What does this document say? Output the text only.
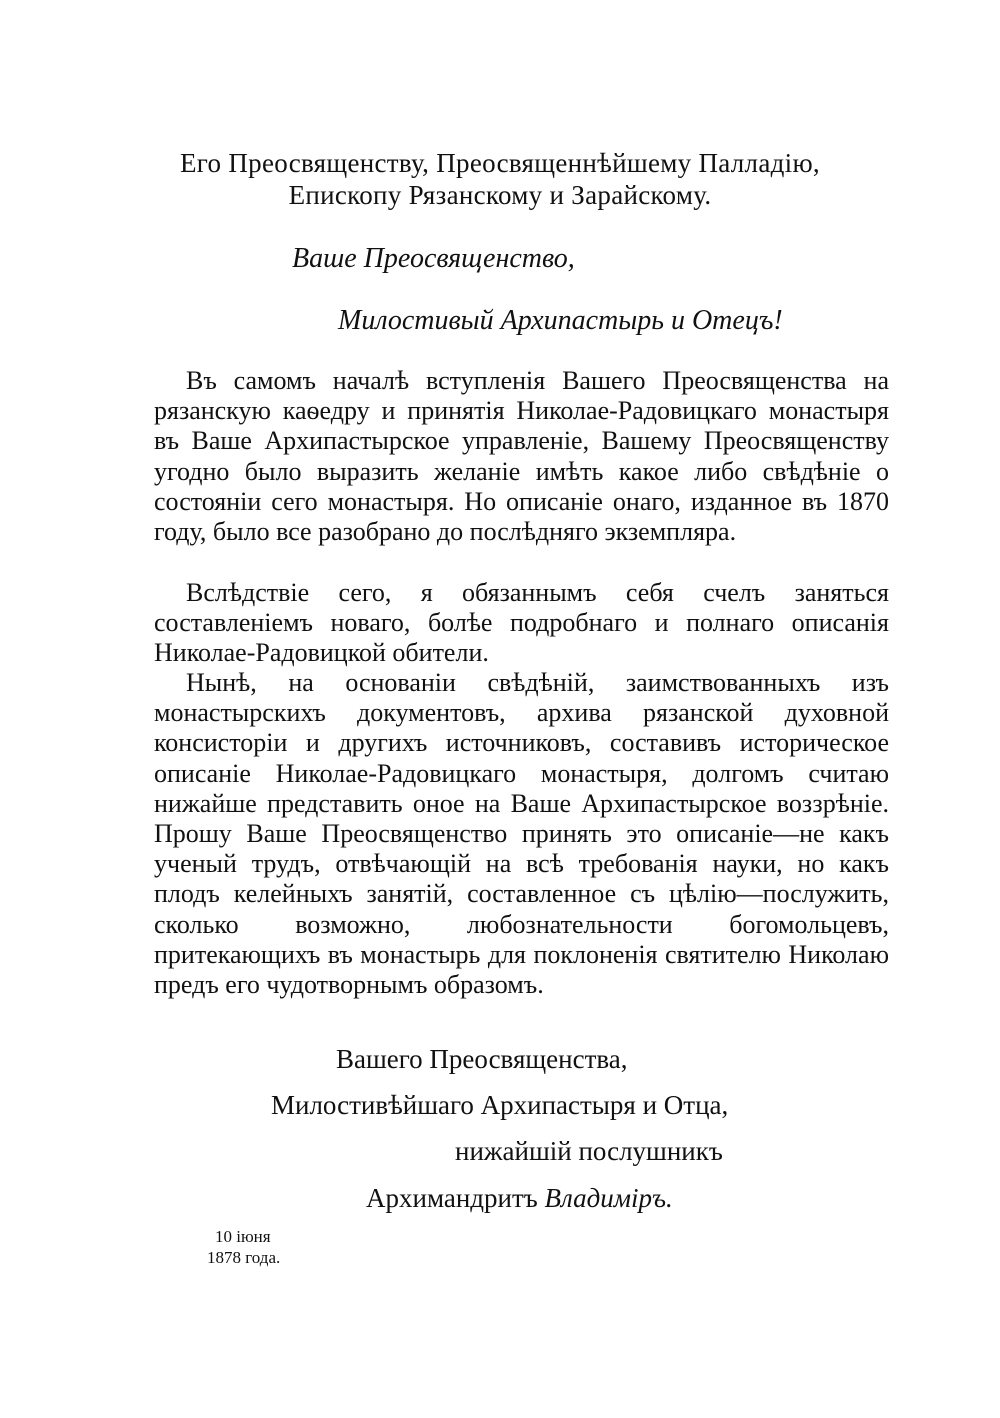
Его Преосвященству, Преосвященнѣйшему Палладію,
Епископу Рязанскому и Зарайскому.
Ваше Преосвященство,
Милостивый Архипастырь и Отецъ!

Въ самомъ началѣ вступленія Вашего Преосвященства на рязанскую каѳедру и принятія Николае-Радовицкаго монастыря въ Ваше Архипастырское управленіе, Вашему Преосвященству угодно было выразить желаніе имѣть какое либо свѣдѣніе о состояніи сего монастыря. Но описаніе онаго, изданное въ 1870 году, было все разобрано до послѣдняго экземпляра.

Вслѣдствіе сего, я обязаннымъ себя счелъ заняться составленіемъ новаго, болѣе подробнаго и полнаго описанія Николае-Радовицкой обители.

Нынѣ, на основаніи свѣдѣній, заимствованныхъ изъ монастырскихъ документовъ, архива рязанской духовной консисторіи и другихъ источниковъ, составивъ историческое описаніе Николае-Радовицкаго монастыря, долгомъ считаю нижайше представить оное на Ваше Архипастырское воззрѣніе. Прошу Ваше Преосвященство принять это описаніе—не какъ ученый трудъ, отвѣчающій на всѣ требованія науки, но какъ плодъ келейныхъ занятій, составленное съ цѣлію—послужить, сколько возможно, любознательности богомольцевъ, притекающихъ въ монастырь для поклоненія святителю Николаю предъ его чудотворнымъ образомъ.

Вашего Преосвященства,
Милостивѣйшаго Архипастыря и Отца,
нижайшій послушникъ
Архимандритъ Владиміръ.
10 іюня
1878 года.
